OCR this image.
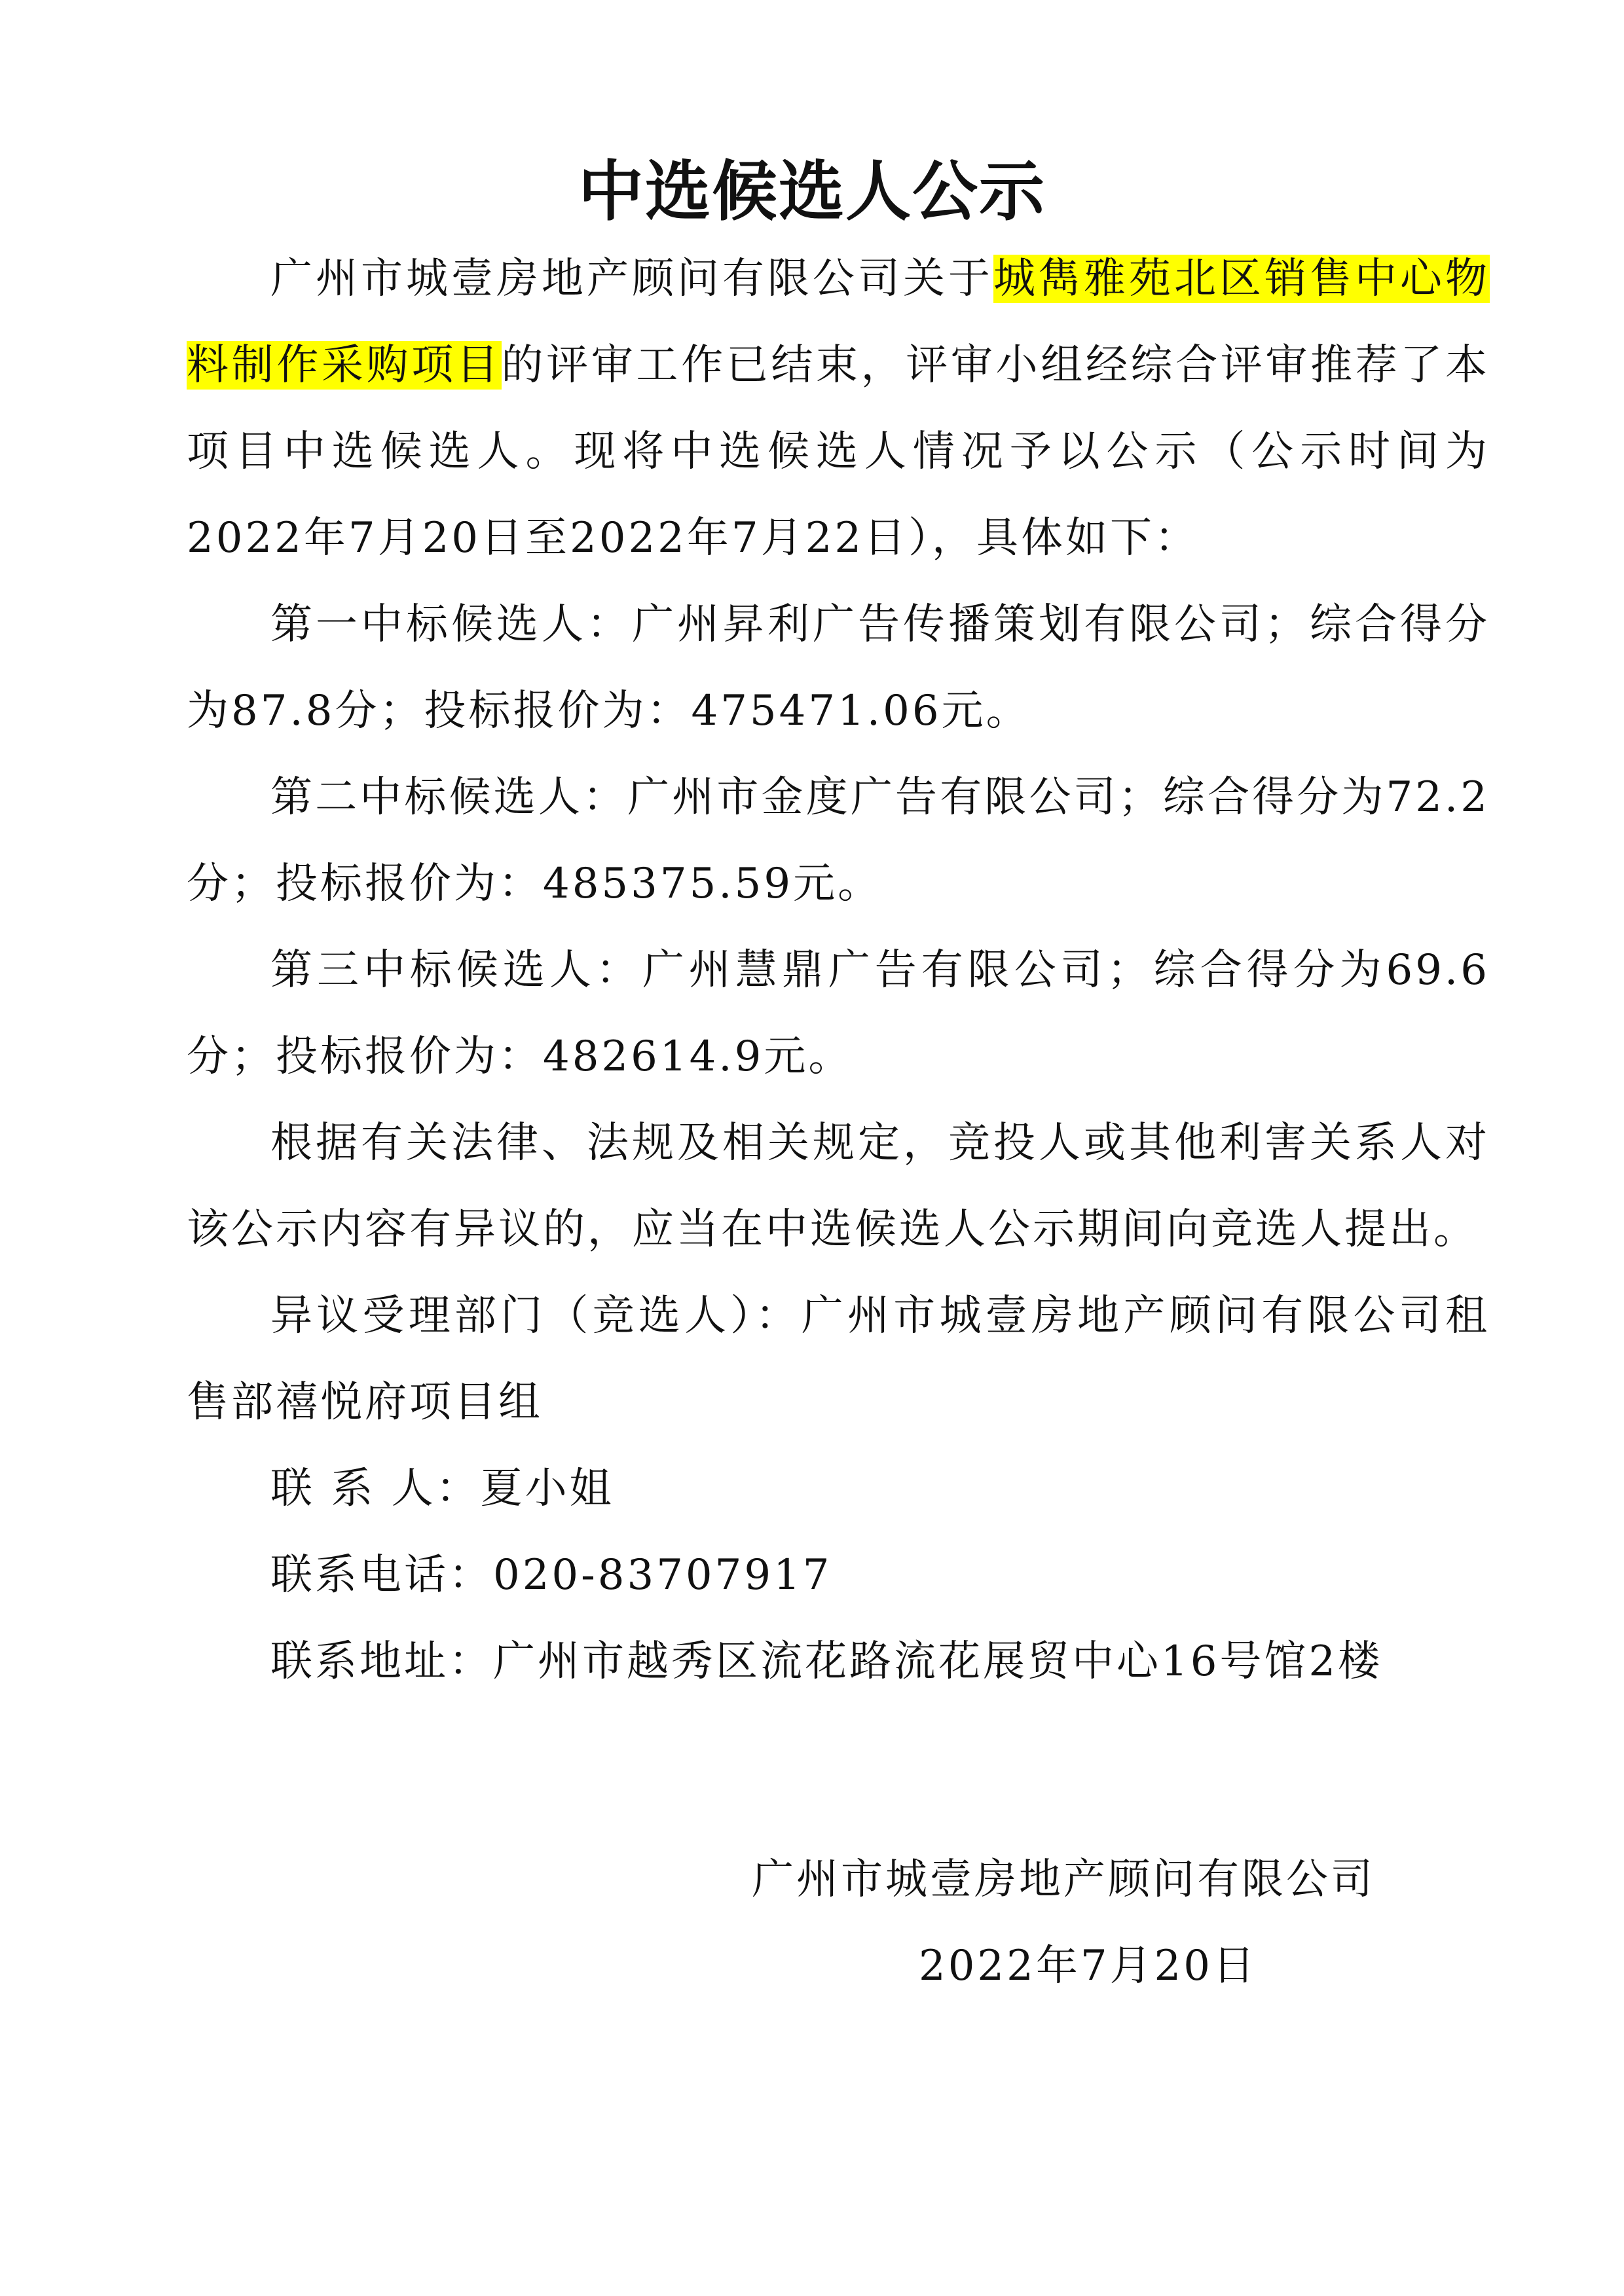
中选候选人公示

广州市城壹房地产顾问有限公司关于城雋雅苑北区销售中心物料制作采购项目的评审工作已结束，评审小组经综合评审推荐了本项目中选候选人。现将中选候选人情况予以公示（公示时间为2022年7月20日至2022年7月22日），具体如下：

第一中标候选人：广州昇利广告传播策划有限公司；综合得分为87.8分；投标报价为：475471.06元。

第二中标候选人：广州市金度广告有限公司；综合得分为72.2分；投标报价为：485375.59元。

第三中标候选人：广州慧鼎广告有限公司；综合得分为69.6分；投标报价为：482614.9元。

根据有关法律、法规及相关规定，竞投人或其他利害关系人对该公示内容有异议的，应当在中选候选人公示期间向竞选人提出。

异议受理部门（竞选人）：广州市城壹房地产顾问有限公司租售部禧悦府项目组

联 系 人：夏小姐

联系电话：020-83707917

联系地址：广州市越秀区流花路流花展贸中心16号馆2楼

广州市城壹房地产顾问有限公司
2022年7月20日
